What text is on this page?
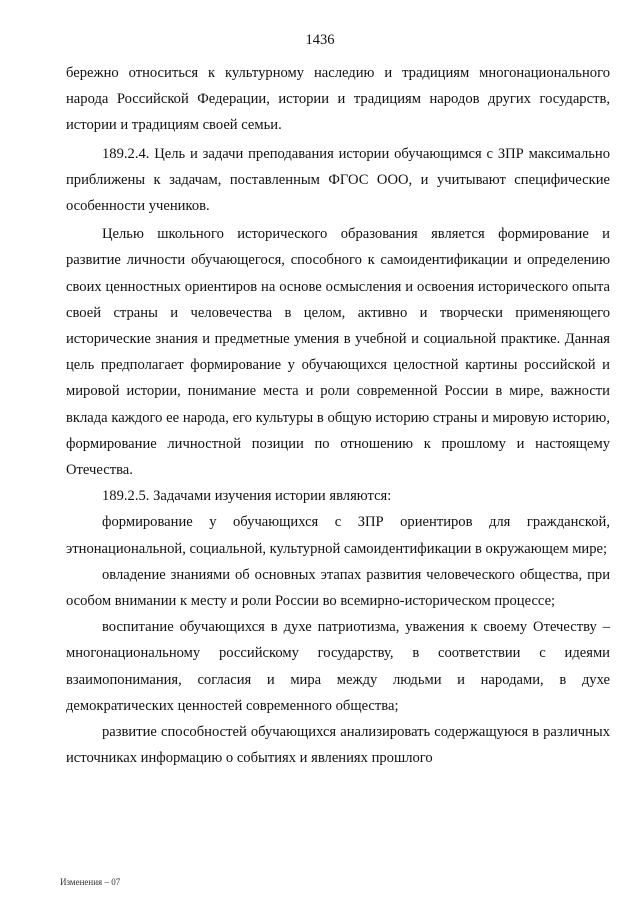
1436

бережно относиться к культурному наследию и традициям многонационального народа Российской Федерации, истории и традициям народов других государств, истории и традициям своей семьи.

189.2.4. Цель и задачи преподавания истории обучающимся с ЗПР максимально приближены к задачам, поставленным ФГОС ООО, и учитывают специфические особенности учеников.

Целью школьного исторического образования является формирование и развитие личности обучающегося, способного к самоидентификации и определению своих ценностных ориентиров на основе осмысления и освоения исторического опыта своей страны и человечества в целом, активно и творчески применяющего исторические знания и предметные умения в учебной и социальной практике. Данная цель предполагает формирование у обучающихся целостной картины российской и мировой истории, понимание места и роли современной России в мире, важности вклада каждого ее народа, его культуры в общую историю страны и мировую историю, формирование личностной позиции по отношению к прошлому и настоящему Отечества.

189.2.5. Задачами изучения истории являются:

формирование у обучающихся с ЗПР ориентиров для гражданской, этнонациональной, социальной, культурной самоидентификации в окружающем мире;

овладение знаниями об основных этапах развития человеческого общества, при особом внимании к месту и роли России во всемирно-историческом процессе;

воспитание обучающихся в духе патриотизма, уважения к своему Отечеству – многонациональному российскому государству, в соответствии с идеями взаимопонимания, согласия и мира между людьми и народами, в духе демократических ценностей современного общества;

развитие способностей обучающихся анализировать содержащуюся в различных источниках информацию о событиях и явлениях прошлого

Изменения – 07
